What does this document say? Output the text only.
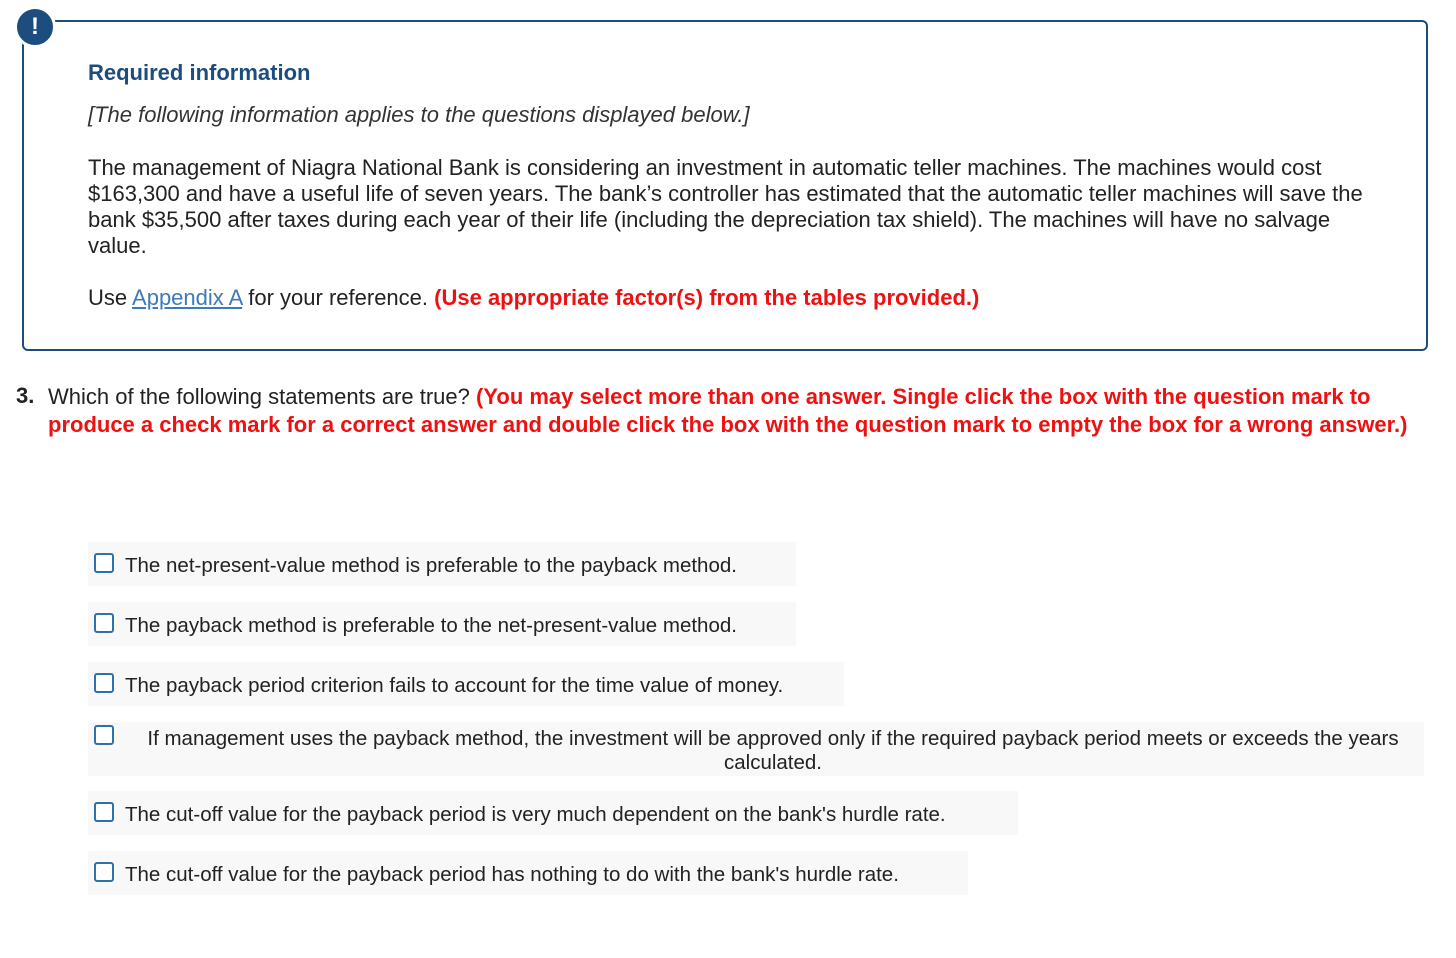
!
Required information

[The following information applies to the questions displayed below.]

The management of Niagra National Bank is considering an investment in automatic teller machines. The machines would cost $163,300 and have a useful life of seven years. The bank’s controller has estimated that the automatic teller machines will save the bank $35,500 after taxes during each year of their life (including the depreciation tax shield). The machines will have no salvage value.

Use Appendix A for your reference. (Use appropriate factor(s) from the tables provided.)

3. Which of the following statements are true? (You may select more than one answer. Single click the box with the question mark to produce a check mark for a correct answer and double click the box with the question mark to empty the box for a wrong answer.)

The net-present-value method is preferable to the payback method.
The payback method is preferable to the net-present-value method.
The payback period criterion fails to account for the time value of money.
If management uses the payback method, the investment will be approved only if the required payback period meets or exceeds the years calculated.
The cut-off value for the payback period is very much dependent on the bank's hurdle rate.
The cut-off value for the payback period has nothing to do with the bank's hurdle rate.
